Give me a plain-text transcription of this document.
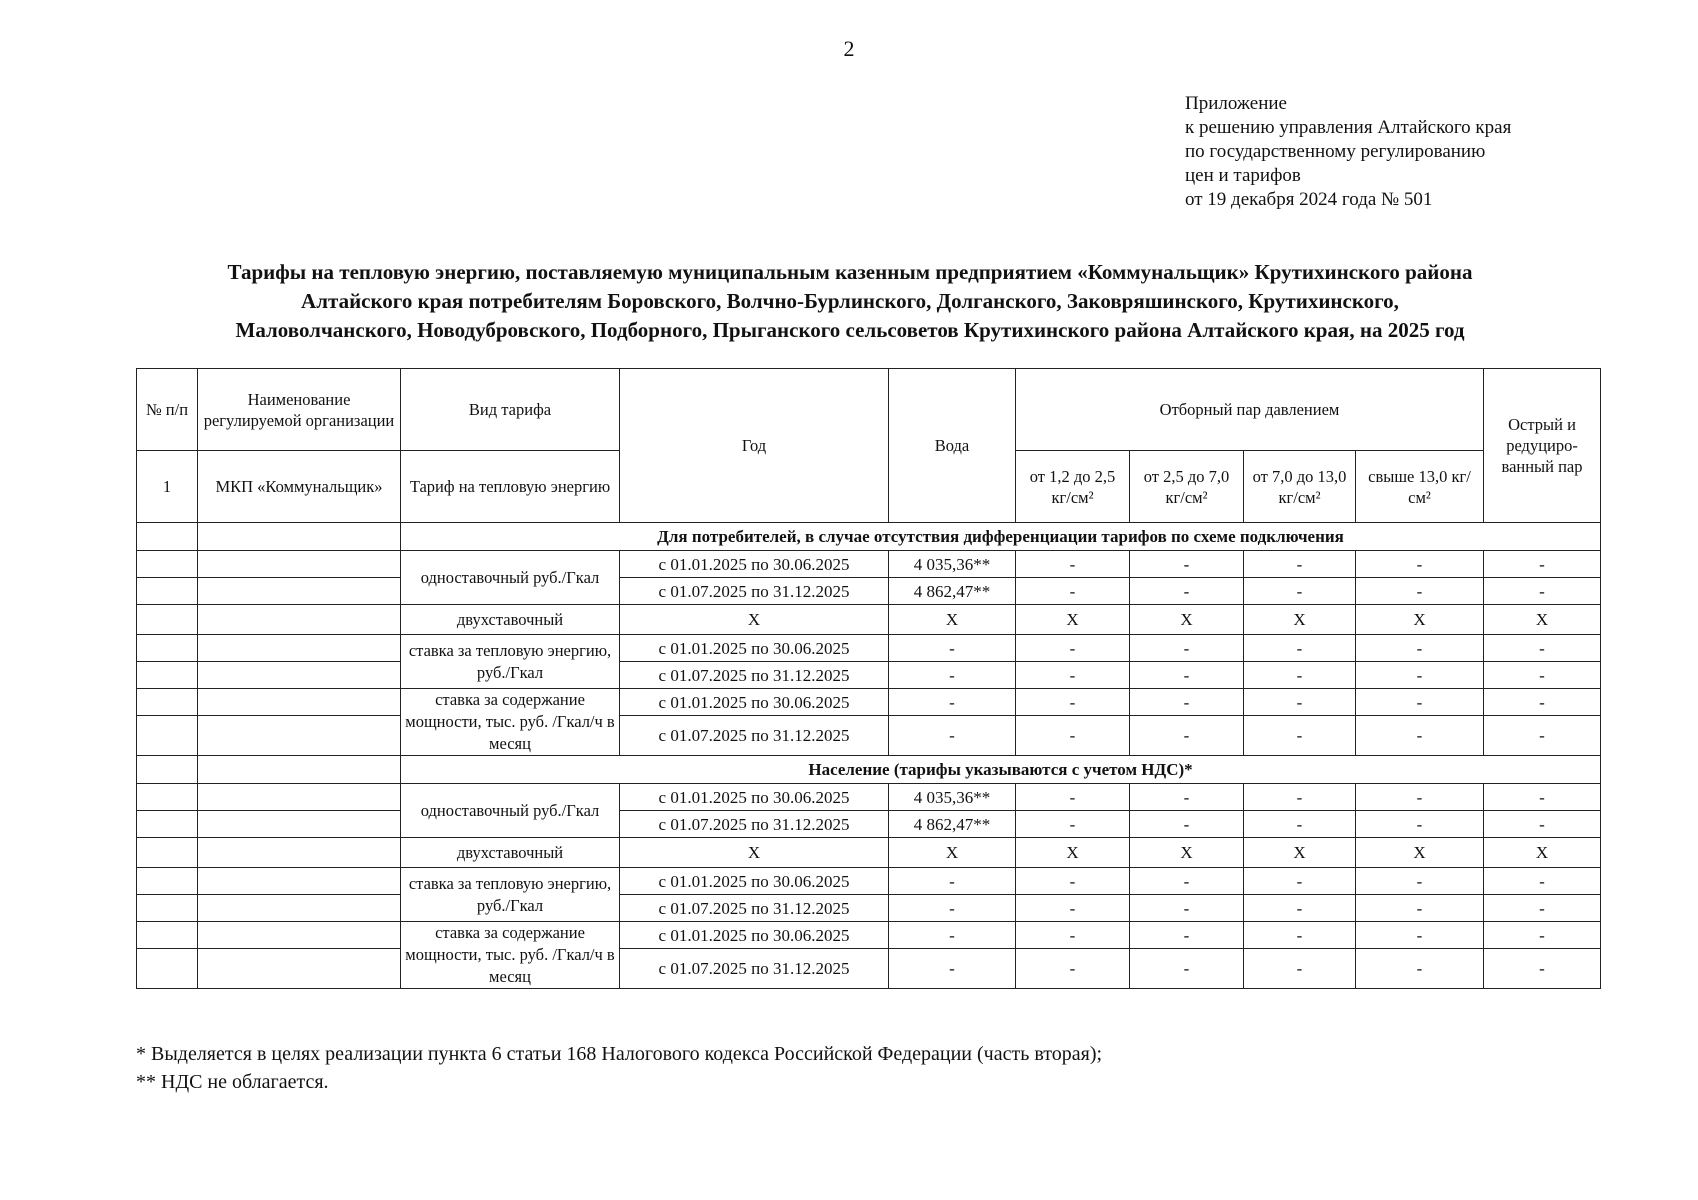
2
Приложение
к решению управления Алтайского края
по государственному регулированию
цен и тарифов
от 19 декабря 2024 года № 501
Тарифы на тепловую энергию, поставляемую муниципальным казенным предприятием «Коммунальщик» Крутихинского района
Алтайского края потребителям Боровского, Волчно-Бурлинского, Долганского, Заковряшинского, Крутихинского,
Маловолчанского, Новодубровского, Подборного, Прыганского сельсоветов Крутихинского района Алтайского края, на 2025 год
№ п/п	Наименование регулируемой организации	Вид тарифа	Год	Вода	Отборный пар давлением				Острый и редуциро-ванный пар
1	МКП «Коммунальщик»	Тариф на тепловую энергию			от 1,2 до 2,5 кг/см²	от 2,5 до 7,0 кг/см²	от 7,0 до 13,0 кг/см²	свыше 13,0 кг/см²	
		Для потребителей, в случае отсутствия дифференциации тарифов по схеме подключения							
		одноставочный руб./Гкал	с 01.01.2025 по 30.06.2025	4 035,36**	-	-	-	-	-
			с 01.07.2025 по 31.12.2025	4 862,47**	-	-	-	-	-
		двухставочный	X	X	X	X	X	X	X
		ставка за тепловую энергию, руб./Гкал	с 01.01.2025 по 30.06.2025	-	-	-	-	-	-
			с 01.07.2025 по 31.12.2025	-	-	-	-	-	-
		ставка за содержание мощности, тыс. руб. /Гкал/ч в месяц	с 01.01.2025 по 30.06.2025	-	-	-	-	-	-
			с 01.07.2025 по 31.12.2025	-	-	-	-	-	-
		Население (тарифы указываются с учетом НДС)*							
		одноставочный руб./Гкал	с 01.01.2025 по 30.06.2025	4 035,36**	-	-	-	-	-
			с 01.07.2025 по 31.12.2025	4 862,47**	-	-	-	-	-
		двухставочный	X	X	X	X	X	X	X
		ставка за тепловую энергию, руб./Гкал	с 01.01.2025 по 30.06.2025	-	-	-	-	-	-
			с 01.07.2025 по 31.12.2025	-	-	-	-	-	-
		ставка за содержание мощности, тыс. руб. /Гкал/ч в месяц	с 01.01.2025 по 30.06.2025	-	-	-	-	-	-
			с 01.07.2025 по 31.12.2025	-	-	-	-	-	-
* Выделяется в целях реализации пункта 6 статьи 168 Налогового кодекса Российской Федерации (часть вторая);
** НДС не облагается.
